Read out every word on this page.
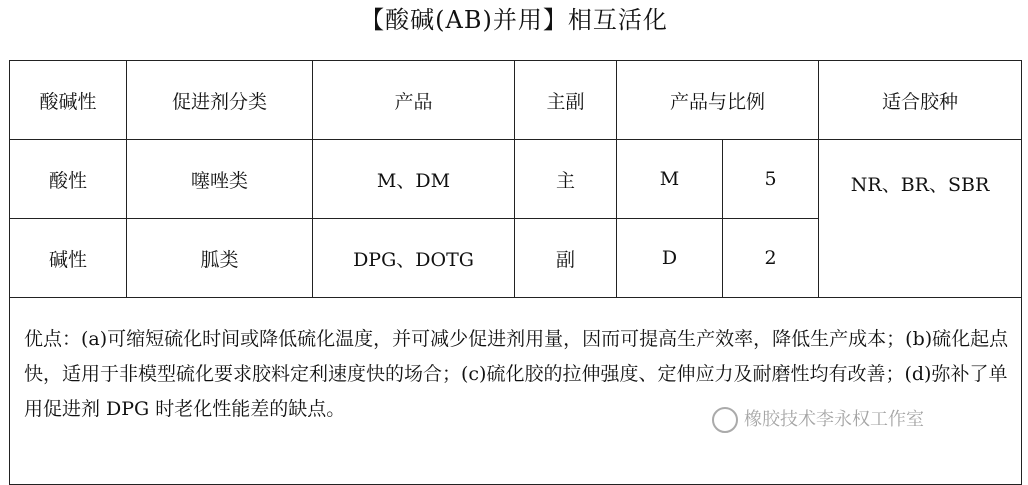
【酸碱(AB)并用】相互活化
酸碱性	促进剂分类	产品	主副	产品与比例		适合胶种
酸性	噻唑类	M、DM	主	M	5	NR、BR、SBR
碱性	胍类	DPG、DOTG	副	D	2	
优点：(a)可缩短硫化时间或降低硫化温度，并可减少促进剂用量，因而可提高生产效率，降低生产成本；(b)硫化起点快，适用于非模型硫化要求胶料定利速度快的场合；(c)硫化胶的拉伸强度、定伸应力及耐磨性均有改善；(d)弥补了单用促进剂 DPG 时老化性能差的缺点。							橡胶技术李永权工作室
